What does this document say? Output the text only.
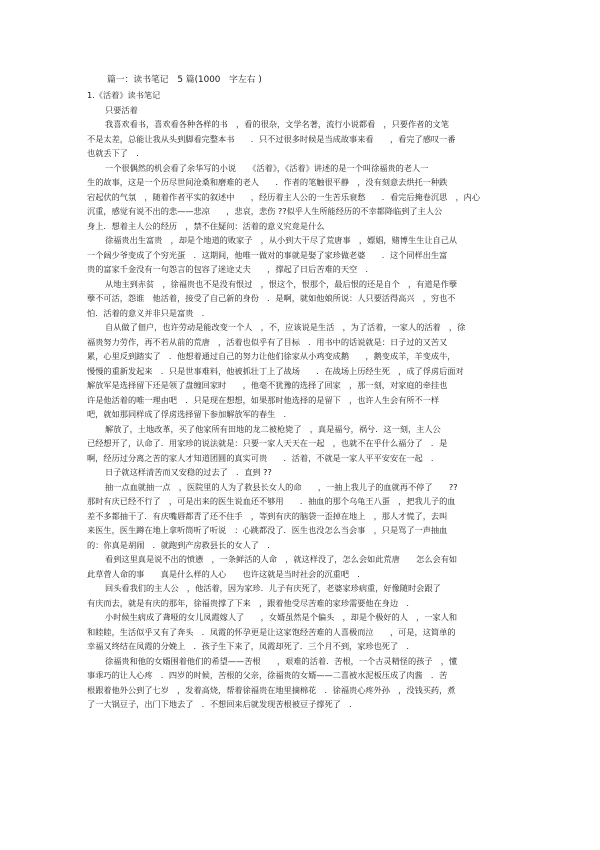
篇一：读书笔记　5 篇(1000　字左右 )
1.《活着》读书笔记
只要活着
我喜欢看书，喜欢看各种各样的书　，看的很杂，文学名著，流行小说都看　，只要作者的文笔
不是太差，总能让我从头到脚看完整本书　　．只不过很多时候是当成故事来看　　，看完了感叹一番
也就丢下了　.
一个很偶然的机会看了余华写的小说　　《活着》，《活着》讲述的是一个叫徐福贵的老人一
生的故事，这是一个历尽世间沧桑和磨难的老人　　．作者的笔触很平静　，没有刻意去烘托一种跌
宕起伏的气氛　，随着作者平实的叙述中　　，经历着主人公的一生苦乐衰愁　　．看完后掩卷沉思　，内心
沉重，感觉有说不出的悲——悲凉　　，悲哀，悲伤 ??似乎人生所能经历的不幸都降临到了主人公
身上．想着主人公的经历　，禁不住疑问：活着的意义究竟是什么
徐福贵出生富贵　，却是个地道的败家子　，从小到大干尽了荒唐事　，嫖娼，赌博生生让自己从
一个阔少爷变成了个穷光蛋　．这期间，他唯一做对的事就是娶了家珍做老婆　　．这个同样出生富
贵的富家千金没有一句怨言的包容了迷途丈夫　　，撑起了日后苦难的天空　.
从地主到赤贫　，徐福贵也不是没有恨过　，恨这个，恨那个，最后恨的还是自个　，有道是作孽
孽不可活，怨谁　他活着，接受了自己新的身份　．是啊，就如他娘所说：人只要活得高兴　，穷也不
怕．活着的意义并非只是富贵　.
自从做了佃户，也许劳动是能改变一个人　，不，应该说是生活　，为了活着，一家人的活着　，徐
福贵努力劳作，再不若从前的荒唐　，活着也似乎有了目标　．用书中的话说就是：日子过的又苦又
累，心里反到踏实了　．他想着通过自己的努力让他们徐家从小鸡变成鹅　　，鹅变成羊，羊变成牛，
慢慢的重新发起来　．只是世事难料，他被抓壮丁上了战场　　．在战场上历经生死　，成了俘虏后面对
解放军是选择留下还是领了盘缠回家时　　，他毫不犹豫的选择了回家　，那一刻，对家庭的牵挂也
许是他活着的唯一理由吧　．只是现在想想，如果那时他选择的是留下　，也许人生会有所不一样
吧，就如那同样成了俘虏选择留下参加解放军的春生　.
解放了，土地改革，买了他家所有田地的龙二被枪毙了　，真是福兮，祸兮．这一刻，主人公
已经想开了，认命了．用家珍的说法就是：只要一家人天天在一起　，也就不在乎什么福分了　．是
啊，经历过分离之苦的家人才知道团圆的真实可贵　　．活着，不就是一家人平平安安在一起　.
日子就这样清苦而又安稳的过去了　．直到 ??
抽一点血就抽一点　，医院里的人为了救县长女人的命　　，一抽上我儿子的血就再不停了　　??
那时有庆已经不行了　，可是出来的医生说血还不够用　　．抽血的那个乌龟王八蛋　，把我儿子的血
差不多都抽干了．有庆嘴唇都青了还不住手　，等到有庆的脑袋一歪掉在地上　，那人才慌了，去叫
来医生，医生蹲在地上拿听筒听了听说　：心跳都没了．医生也没怎么当会事　，只是骂了一声抽血
的：你真是胡闹　．就跑到产房救县长的女人了　.
看到这里真是说不出的愤懑　，一条鲜活的人命　，就这样没了，怎么会如此荒唐　　怎么会有如
此草菅人命的事　　真是什么样的人心　　也许这就是当时社会的沉重吧　.
回头看我们的主人公　，他活着，因为家珍．儿子有庆死了，老婆家珍病重，好像随时会跟了
有庆而去，就是有庆的那年，徐福贵撑了下来　，跟着他受尽苦难的家珍需要他在身边　.
小时候生病成了聋哑的女儿凤霞嫁人了　　，女婿虽然是个偏头　，却是个极好的人　，一家人和
和睦睦，生活似乎又有了奔头　．凤霞的怀孕更是让这家饱经苦难的人喜极而泣　　，可是，这简单的
幸福又终结在凤霞的分娩上　．孩子生下来了，凤霞却死了．三个月不到，家珍也死了　.
徐福贵和他的女婿围着他们的希望——苦根　　，艰难的活着．苦根，一个古灵精怪的孩子　，懂
事乖巧的让人心疼　．四岁的时候，苦根的父亲，徐福贵的女婿——二喜被水泥板压成了肉酱　．苦
根跟着他外公到了七岁　，发着高烧，帮着徐福贵在地里摘棉花　．徐福贵心疼外孙　，没钱买药，煮
了一大锅豆子，出门下地去了　．不想回来后就发现苦根被豆子撑死了　.
